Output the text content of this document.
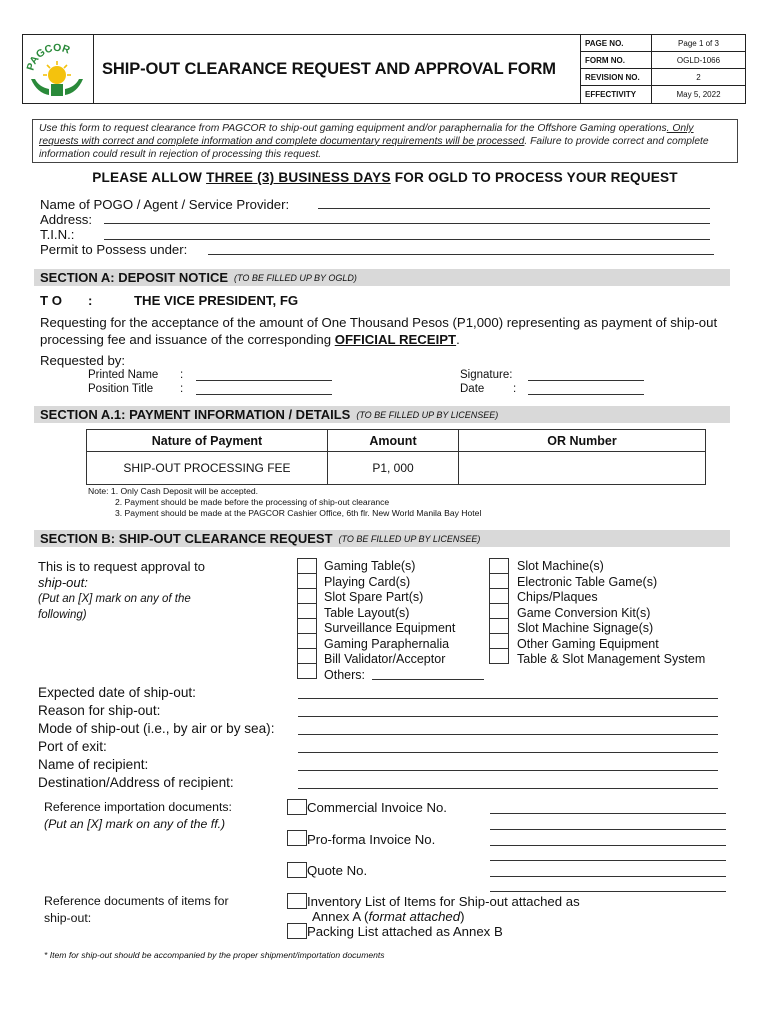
PAGCOR
SHIP-OUT CLEARANCE REQUEST AND APPROVAL FORM
PAGE NO.	Page 1 of 3
FORM NO.	OGLD-1066
REVISION NO.	2
EFFECTIVITY	May 5, 2022
Use this form to request clearance from PAGCOR to ship-out gaming equipment and/or paraphernalia for the Offshore Gaming operations. Only requests with correct and complete information and complete documentary requirements will be processed. Failure to provide correct and complete information could result in rejection of processing this request.
PLEASE ALLOW THREE (3) BUSINESS DAYS FOR OGLD TO PROCESS YOUR REQUEST
Name of POGO / Agent / Service Provider:
Address:
T.I.N.:
Permit to Possess under:
SECTION A: DEPOSIT NOTICE (TO BE FILLED UP BY OGLD)
T O :	THE VICE PRESIDENT, FG
Requesting for the acceptance of the amount of One Thousand Pesos (P1,000) representing as payment of ship-out processing fee and issuance of the corresponding OFFICIAL RECEIPT.
Requested by:
Printed Name :
Position Title :
Signature:
Date :
SECTION A.1: PAYMENT INFORMATION / DETAILS (TO BE FILLED UP BY LICENSEE)
Nature of Payment	Amount	OR Number
SHIP-OUT PROCESSING FEE	P1, 000
Note: 1. Only Cash Deposit will be accepted.
2. Payment should be made before the processing of ship-out clearance
3. Payment should be made at the PAGCOR Cashier Office, 6th flr. New World Manila Bay Hotel
SECTION B: SHIP-OUT CLEARANCE REQUEST (TO BE FILLED UP BY LICENSEE)
This is to request approval to
ship-out:
(Put an [X] mark on any of the
following)
Gaming Table(s)
Playing Card(s)
Slot Spare Part(s)
Table Layout(s)
Surveillance Equipment
Gaming Paraphernalia
Bill Validator/Acceptor
Others:
Slot Machine(s)
Electronic Table Game(s)
Chips/Plaques
Game Conversion Kit(s)
Slot Machine Signage(s)
Other Gaming Equipment
Table & Slot Management System
Expected date of ship-out:
Reason for ship-out:
Mode of ship-out (i.e., by air or by sea):
Port of exit:
Name of recipient:
Destination/Address of recipient:
Reference importation documents:
(Put an [X] mark on any of the ff.)
Commercial Invoice No.
Pro-forma Invoice No.
Quote No.
Reference documents of items for
ship-out:
Inventory List of Items for Ship-out attached as
Annex A (format attached)
Packing List attached as Annex B
* Item for ship-out should be accompanied by the proper shipment/importation documents
